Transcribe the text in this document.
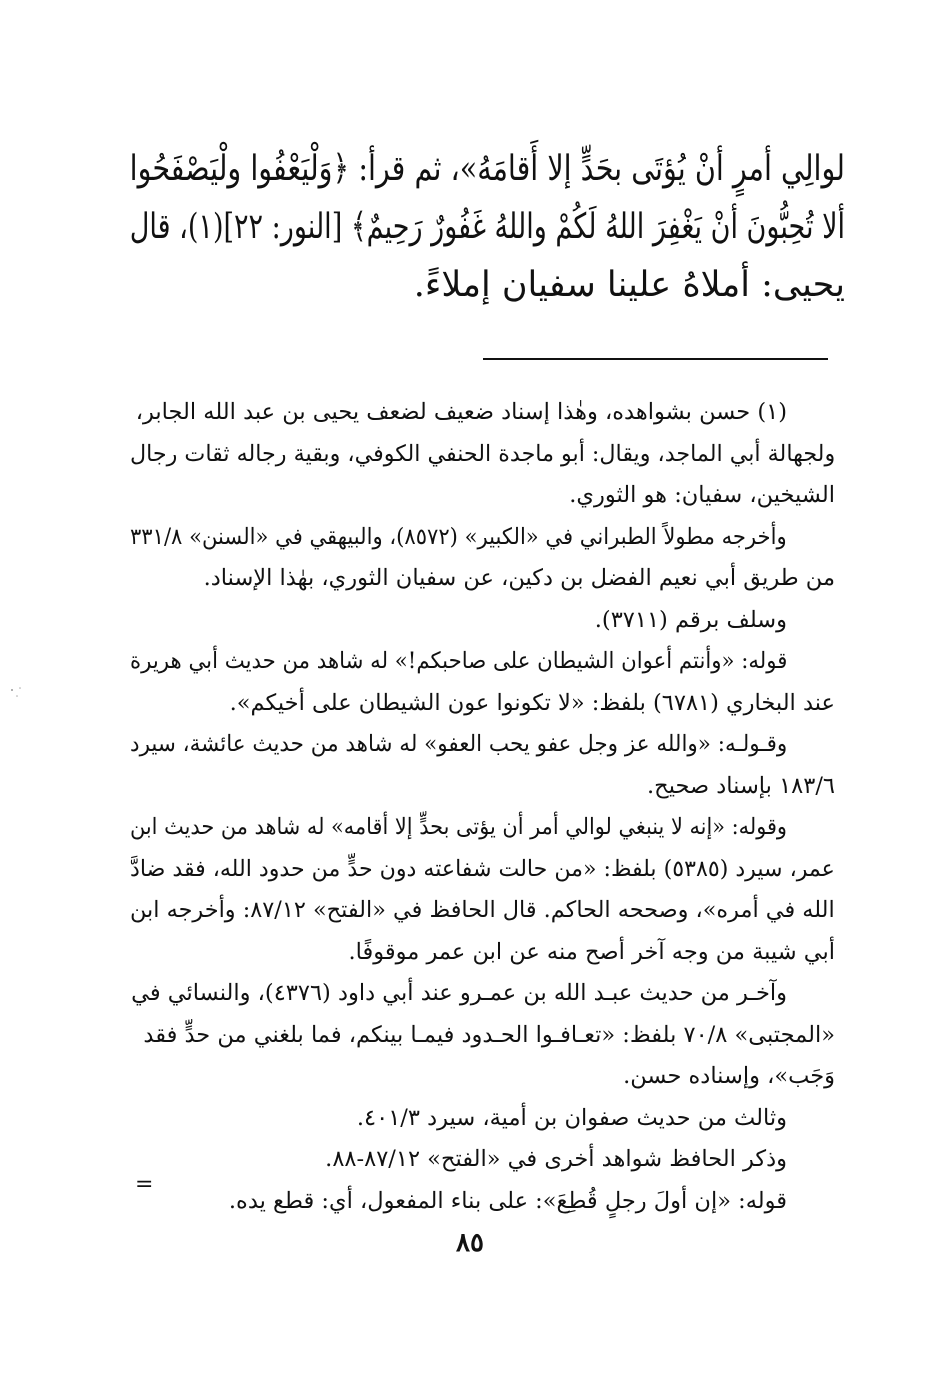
لوالِي أمرٍ أنْ يُؤتَى بحَدٍّ إلا أَقامَهُ»، ثم قرأ: ﴿وَلْيَعْفُوا ولْيَصْفَحُوا
ألا تُحِبُّونَ أنْ يَغْفِرَ اللهُ لَكُمْ واللهُ غَفُورٌ رَحِيمٌ﴾ [النور: ٢٢](١)، قال
يحيى: أملاهُ علينا سفيان إملاءً.
(١) حسن بشواهده، وهٰذا إسناد ضعيف لضعف يحيى بن عبد الله الجابر،
ولجهالة أبي الماجد، ويقال: أبو ماجدة الحنفي الكوفي، وبقية رجاله ثقات رجال
الشيخين، سفيان: هو الثوري.
وأخرجه مطولاً الطبراني في «الكبير» (٨٥٧٢)، والبيهقي في «السنن» ٣٣١/٨
من طريق أبي نعيم الفضل بن دكين، عن سفيان الثوري، بهٰذا الإسناد.
وسلف برقم (٣٧١١).
قوله: «وأنتم أعوان الشيطان على صاحبكم!» له شاهد من حديث أبي هريرة
عند البخاري (٦٧٨١) بلفظ: «لا تكونوا عون الشيطان على أخيكم».
وقـولـه: «والله عز وجل عفو يحب العفو» له شاهد من حديث عائشة، سيرد
١٨٣/٦ بإسناد صحيح.
وقوله: «إنه لا ينبغي لوالي أمر أن يؤتى بحدٍّ إلا أقامه» له شاهد من حديث ابن
عمر، سيرد (٥٣٨٥) بلفظ: «من حالت شفاعته دون حدٍّ من حدود الله، فقد ضادَّ
الله في أمره»، وصححه الحاكم. قال الحافظ في «الفتح» ٨٧/١٢: وأخرجه ابن
أبي شيبة من وجه آخر أصح منه عن ابن عمر موقوفًا.
وآخـر من حديث عبـد الله بن عمـرو عند أبي داود (٤٣٧٦)، والنسائي في
«المجتبى» ٧٠/٨ بلفظ: «تعـافـوا الحـدود فيمـا بينكم، فما بلغني من حدٍّ فقد
وَجَب»، وإسناده حسن.
وثالث من حديث صفوان بن أمية، سيرد ٤٠١/٣.
وذكر الحافظ شواهد أخرى في «الفتح» ٨٧/١٢-٨٨.
قوله: «إن أولَ رجلٍ قُطِعَ»: على بناء المفعول، أي: قطع يده.
=
٨٥
